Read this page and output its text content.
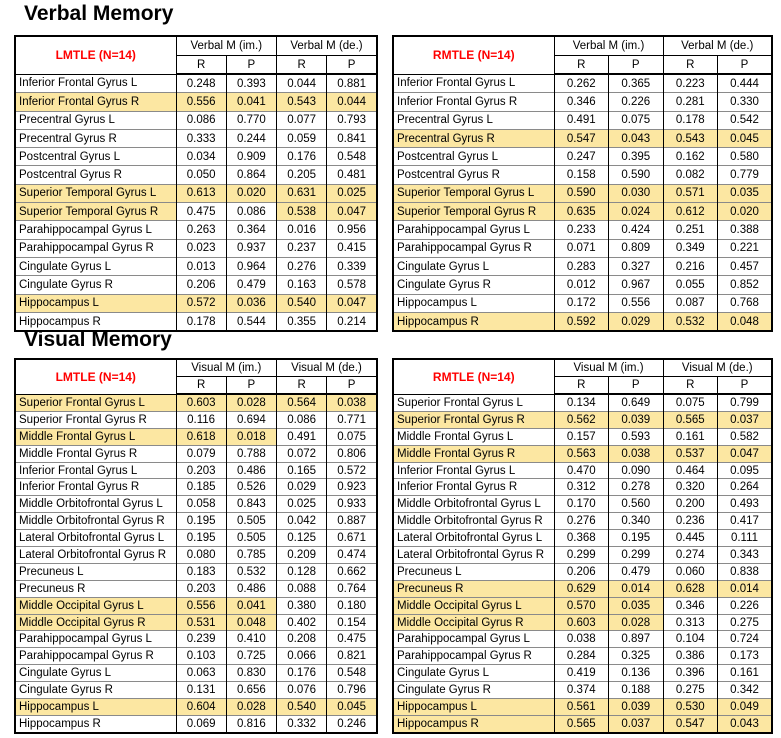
Verbal Memory
LMTLE (N=14)	Verbal M (im.)		Verbal M (de.)	
	R	P	R	P
Inferior Frontal Gyrus L	0.248	0.393	0.044	0.881
Inferior Frontal Gyrus R	0.556	0.041	0.543	0.044
Precentral Gyrus L	0.086	0.770	0.077	0.793
Precentral Gyrus R	0.333	0.244	0.059	0.841
Postcentral Gyrus L	0.034	0.909	0.176	0.548
Postcentral Gyrus R	0.050	0.864	0.205	0.481
Superior Temporal Gyrus L	0.613	0.020	0.631	0.025
Superior Temporal Gyrus R	0.475	0.086	0.538	0.047
Parahippocampal Gyrus L	0.263	0.364	0.016	0.956
Parahippocampal Gyrus R	0.023	0.937	0.237	0.415
Cingulate Gyrus L	0.013	0.964	0.276	0.339
Cingulate Gyrus R	0.206	0.479	0.163	0.578
Hippocampus L	0.572	0.036	0.540	0.047
Hippocampus R	0.178	0.544	0.355	0.214
RMTLE (N=14)	Verbal M (im.)		Verbal M (de.)	
	R	P	R	P
Inferior Frontal Gyrus L	0.262	0.365	0.223	0.444
Inferior Frontal Gyrus R	0.346	0.226	0.281	0.330
Precentral Gyrus L	0.491	0.075	0.178	0.542
Precentral Gyrus R	0.547	0.043	0.543	0.045
Postcentral Gyrus L	0.247	0.395	0.162	0.580
Postcentral Gyrus R	0.158	0.590	0.082	0.779
Superior Temporal Gyrus L	0.590	0.030	0.571	0.035
Superior Temporal Gyrus R	0.635	0.024	0.612	0.020
Parahippocampal Gyrus L	0.233	0.424	0.251	0.388
Parahippocampal Gyrus R	0.071	0.809	0.349	0.221
Cingulate Gyrus L	0.283	0.327	0.216	0.457
Cingulate Gyrus R	0.012	0.967	0.055	0.852
Hippocampus L	0.172	0.556	0.087	0.768
Hippocampus R	0.592	0.029	0.532	0.048
Visual Memory
LMTLE (N=14)	Visual M (im.)		Visual M (de.)	
	R	P	R	P
Superior Frontal Gyrus L	0.603	0.028	0.564	0.038
Superior Frontal Gyrus R	0.116	0.694	0.086	0.771
Middle Frontal Gyrus L	0.618	0.018	0.491	0.075
Middle Frontal Gyrus R	0.079	0.788	0.072	0.806
Inferior Frontal Gyrus L	0.203	0.486	0.165	0.572
Inferior Frontal Gyrus R	0.185	0.526	0.029	0.923
Middle Orbitofrontal Gyrus L	0.058	0.843	0.025	0.933
Middle Orbitofrontal Gyrus R	0.195	0.505	0.042	0.887
Lateral Orbitofrontal Gyrus L	0.195	0.505	0.125	0.671
Lateral Orbitofrontal Gyrus R	0.080	0.785	0.209	0.474
Precuneus L	0.183	0.532	0.128	0.662
Precuneus R	0.203	0.486	0.088	0.764
Middle Occipital Gyrus L	0.556	0.041	0.380	0.180
Middle Occipital Gyrus R	0.531	0.048	0.402	0.154
Parahippocampal Gyrus L	0.239	0.410	0.208	0.475
Parahippocampal Gyrus R	0.103	0.725	0.066	0.821
Cingulate Gyrus L	0.063	0.830	0.176	0.548
Cingulate Gyrus R	0.131	0.656	0.076	0.796
Hippocampus L	0.604	0.028	0.540	0.045
Hippocampus R	0.069	0.816	0.332	0.246
RMTLE (N=14)	Visual M (im.)		Visual M (de.)	
	R	P	R	P
Superior Frontal Gyrus L	0.134	0.649	0.075	0.799
Superior Frontal Gyrus R	0.562	0.039	0.565	0.037
Middle Frontal Gyrus L	0.157	0.593	0.161	0.582
Middle Frontal Gyrus R	0.563	0.038	0.537	0.047
Inferior Frontal Gyrus L	0.470	0.090	0.464	0.095
Inferior Frontal Gyrus R	0.312	0.278	0.320	0.264
Middle Orbitofrontal Gyrus L	0.170	0.560	0.200	0.493
Middle Orbitofrontal Gyrus R	0.276	0.340	0.236	0.417
Lateral Orbitofrontal Gyrus L	0.368	0.195	0.445	0.111
Lateral Orbitofrontal Gyrus R	0.299	0.299	0.274	0.343
Precuneus L	0.206	0.479	0.060	0.838
Precuneus R	0.629	0.014	0.628	0.014
Middle Occipital Gyrus L	0.570	0.035	0.346	0.226
Middle Occipital Gyrus R	0.603	0.028	0.313	0.275
Parahippocampal Gyrus L	0.038	0.897	0.104	0.724
Parahippocampal Gyrus R	0.284	0.325	0.386	0.173
Cingulate Gyrus L	0.419	0.136	0.396	0.161
Cingulate Gyrus R	0.374	0.188	0.275	0.342
Hippocampus L	0.561	0.039	0.530	0.049
Hippocampus R	0.565	0.037	0.547	0.043
